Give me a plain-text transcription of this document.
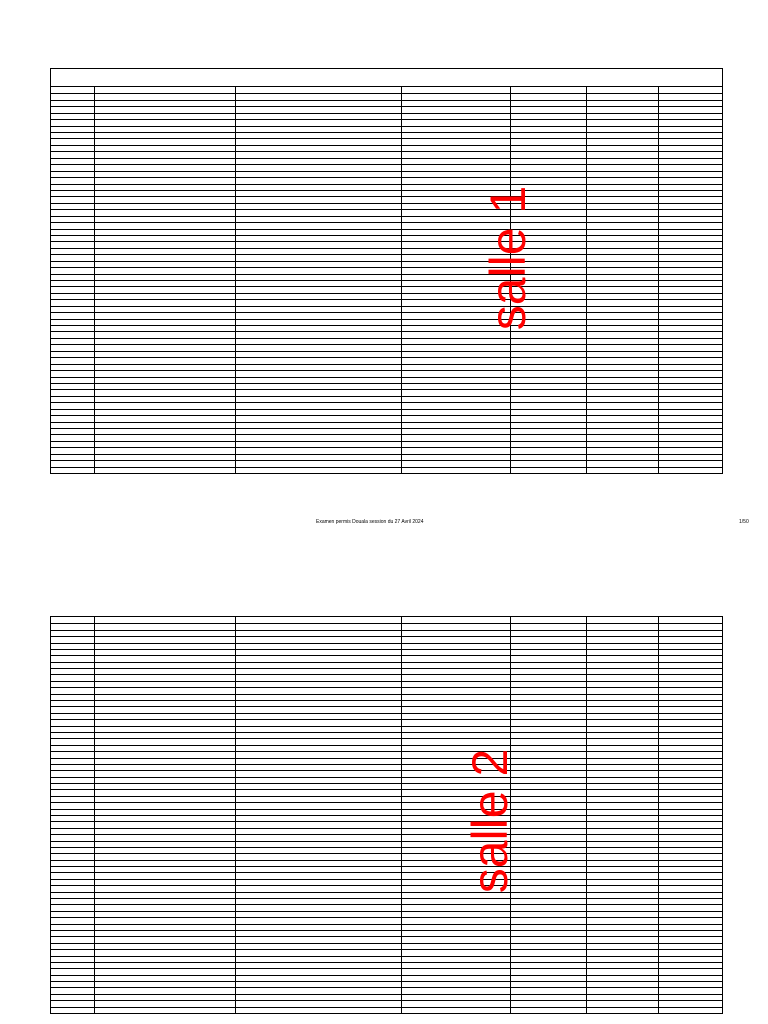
salle 1
Examen permis Douala session du 27 Avril 2024	1/50
salle 2
